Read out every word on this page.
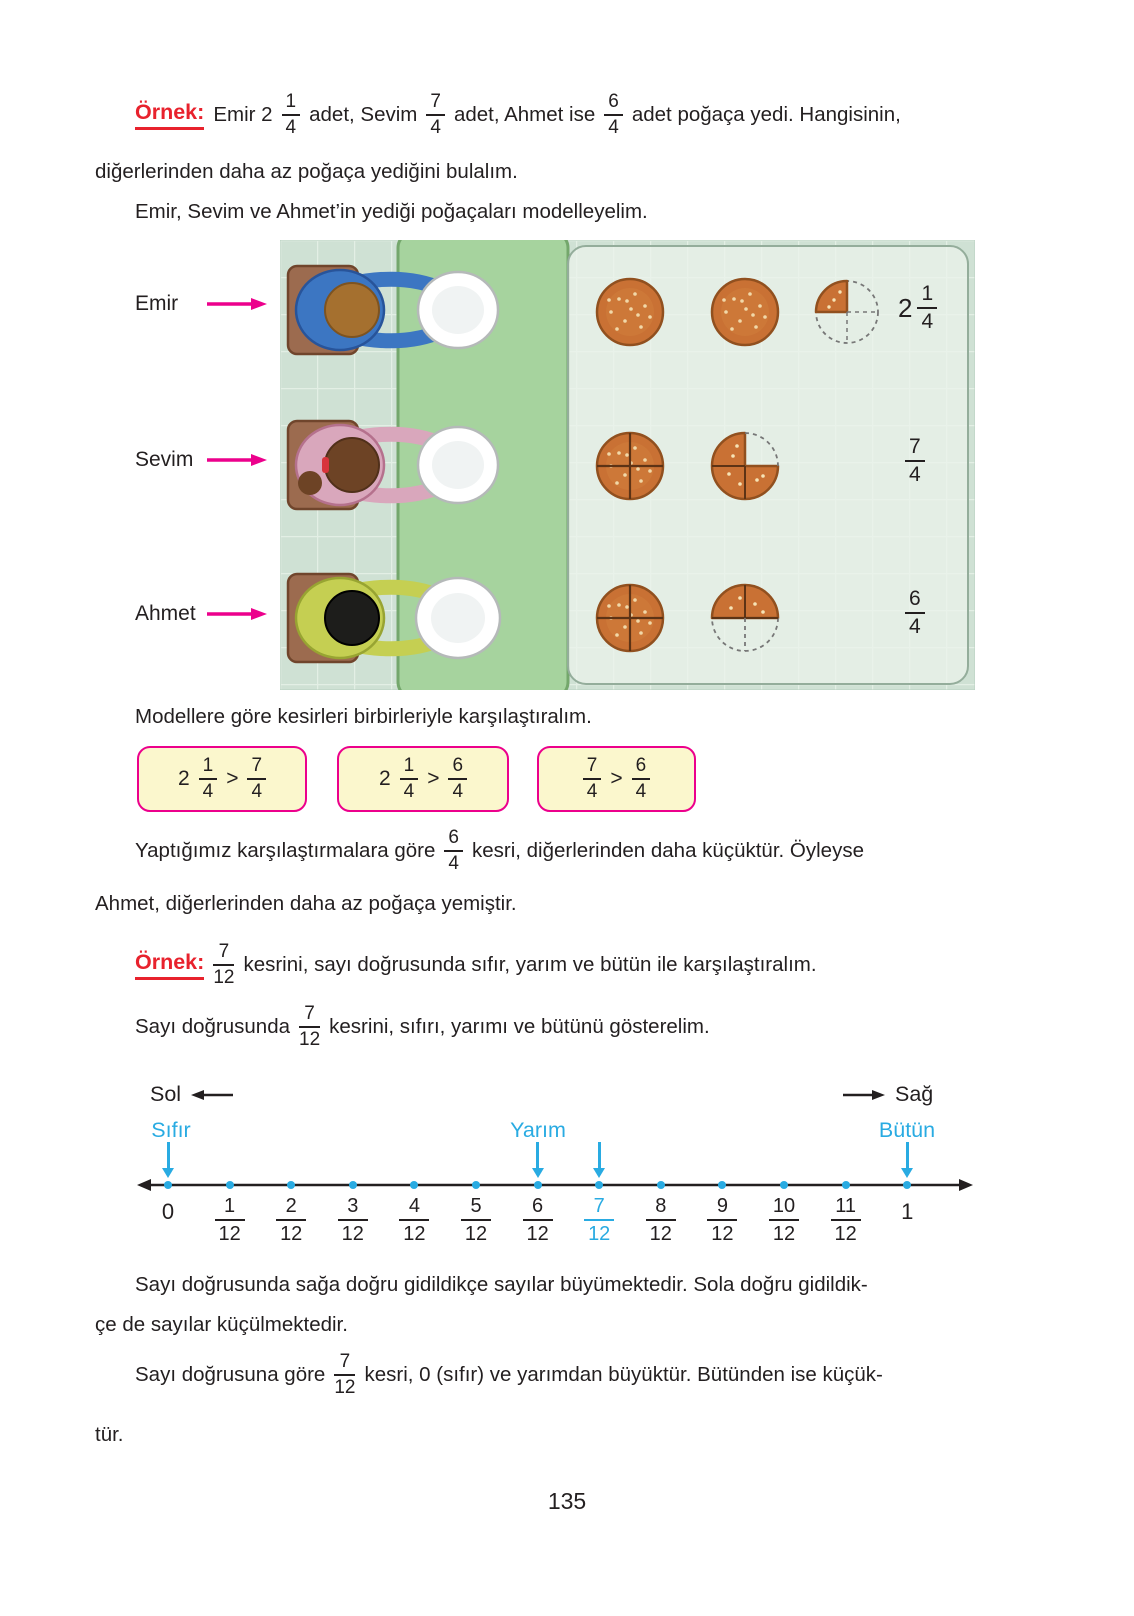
Örnek: Emir $2 \frac{1}{4} adet$, Sevim $\frac{7}{4} adet$, Ahmet ise $\frac{6}{4}$ adet poğaça yedi. Hangisinin,
diğerlerinden daha az poğaça yediğini bulalım.
Emir, Sevim ve Ahmet’in yediği poğaçaları modelleyelim.
Emir
Sevim
Ahmet
$2 \frac{1}{4}$
$\frac{7}{4}$
$\frac{6}{4}$
Modellere göre kesirleri birbirleriyle karşılaştıralım.
$2 \frac{1}{4} > \frac{7}{4}$	$2 \frac{1}{4} > \frac{6}{4}$	$\frac{7}{4} > \frac{6}{4}$
Yaptığımız karşılaştırmalara göre $\frac{6}{4}$ kesri, diğerlerinden daha küçüktür. Öyleyse
Ahmet, diğerlerinden daha az poğaça yemiştir.
Örnek: $\frac{7}{12}$ kesrini, sayı doğrusunda sıfır, yarım ve bütün ile karşılaştıralım.
Sayı doğrusunda $\frac{7}{12}$ kesrini, sıfırı, yarımı ve bütünü gösterelim.
Sol	Sağ
Sıfır	Yarım	Bütün
$0 \frac{1}{12} \frac{2}{12} \frac{3}{12} \frac{4}{12} \frac{5}{12} \frac{6}{12} \frac{7}{12} \frac{8}{12} \frac{9}{12} \frac{10}{12} \frac{11}{12} 1$
Sayı doğrusunda sağa doğru gidildikçe sayılar büyümektedir. Sola doğru gidildik-
çe de sayılar küçülmektedir.
Sayı doğrusuna göre $\frac{7}{12}$ kesri, 0 (sıfır) ve yarımdan büyüktür. Bütünden ise küçük-
tür.
135
